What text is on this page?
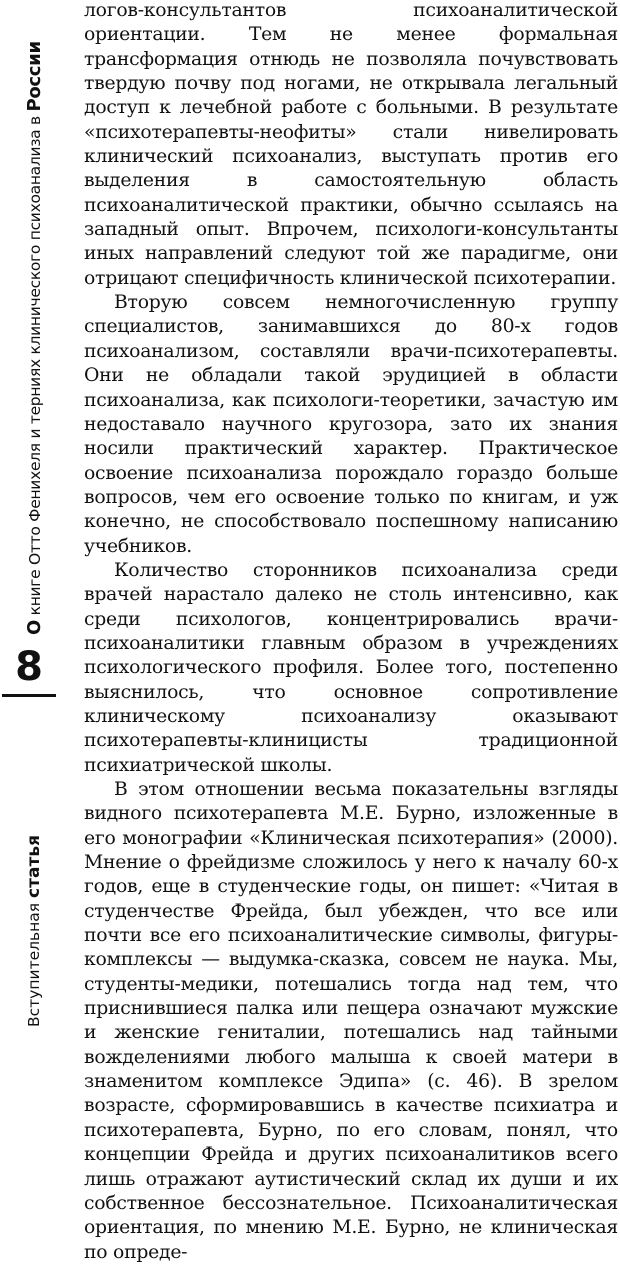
О книге Отто Фенихеля и терниях клинического психоанализа в России
8
Вступительная статья

логов-консультантов психоаналитической ориентации. Тем не менее формальная трансформация отнюдь не позволяла почувствовать твердую почву под ногами, не открывала легальный доступ к лечебной работе с больными. В результате «психотерапевты-неофиты» стали нивелировать клинический психоанализ, выступать против его выделения в самостоятельную область психоаналитической практики, обычно ссылаясь на западный опыт. Впрочем, психологи-консультанты иных направлений следуют той же парадигме, они отрицают специфичность клинической психотерапии.

Вторую совсем немногочисленную группу специалистов, занимавшихся до 80-х годов психоанализом, составляли врачи-психотерапевты. Они не обладали такой эрудицией в области психоанализа, как психологи-теоретики, зачастую им недоставало научного кругозора, зато их знания носили практический характер. Практическое освоение психоанализа порождало гораздо больше вопросов, чем его освоение только по книгам, и уж конечно, не способствовало поспешному написанию учебников.

Количество сторонников психоанализа среди врачей нарастало далеко не столь интенсивно, как среди психологов, концентрировались врачи-психоаналитики главным образом в учреждениях психологического профиля. Более того, постепенно выяснилось, что основное сопротивление клиническому психоанализу оказывают психотерапевты-клиницисты традиционной психиатрической школы.

В этом отношении весьма показательны взгляды видного психотерапевта М.Е. Бурно, изложенные в его монографии «Клиническая психотерапия» (2000). Мнение о фрейдизме сложилось у него к началу 60-х годов, еще в студенческие годы, он пишет: «Читая в студенчестве Фрейда, был убежден, что все или почти все его психоаналитические символы, фигуры-комплексы — выдумка-сказка, совсем не наука. Мы, студенты-медики, потешались тогда над тем, что приснившиеся палка или пещера означают мужские и женские гениталии, потешались над тайными вожделениями любого малыша к своей матери в знаменитом комплексе Эдипа» (с. 46). В зрелом возрасте, сформировавшись в качестве психиатра и психотерапевта, Бурно, по его словам, понял, что концепции Фрейда и других психоаналитиков всего лишь отражают аутистический склад их души и их собственное бессознательное. Психоаналитическая ориентация, по мнению М.Е. Бурно, не клиническая по опреде-
